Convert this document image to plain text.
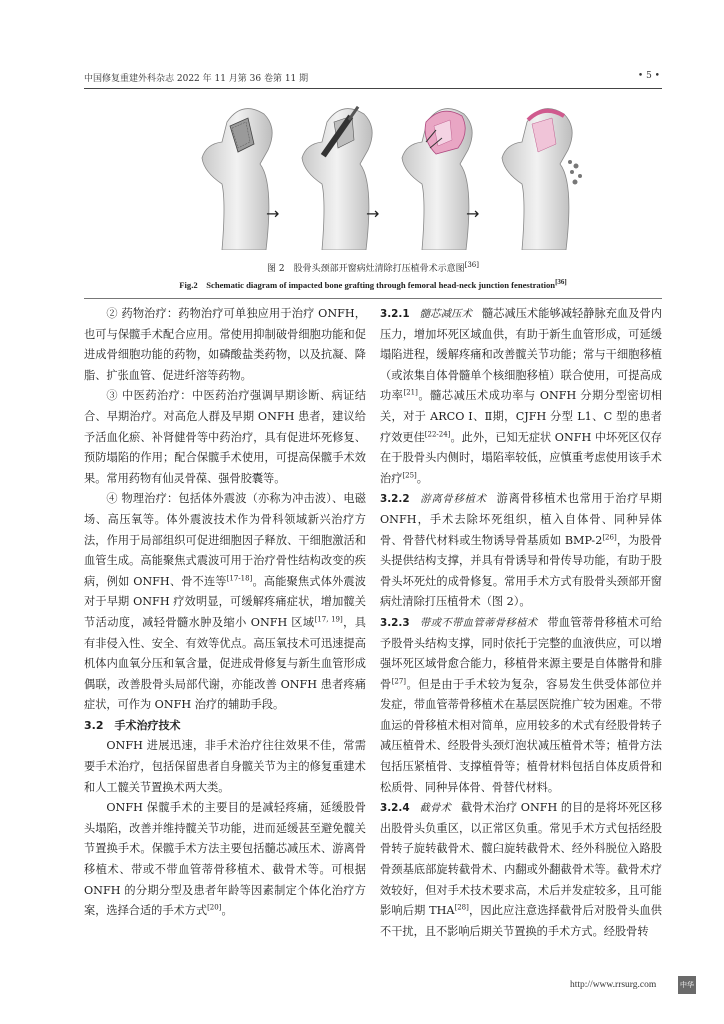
中国修复重建外科杂志 2022 年 11 月第 36 卷第 11 期	• 5 •
→	→	→
图 2　股骨头颈部开窗病灶清除打压植骨术示意图[36]
Fig.2　Schematic diagram of impacted bone grafting through femoral head-neck junction fenestration[36]

② 药物治疗：药物治疗可单独应用于治疗 ONFH，也可与保髋手术配合应用。常使用抑制破骨细胞功能和促进成骨细胞功能的药物，如磷酸盐类药物，以及抗凝、降脂、扩张血管、促进纤溶等药物。

③ 中医药治疗：中医药治疗强调早期诊断、病证结合、早期治疗。对高危人群及早期 ONFH 患者，建议给予活血化瘀、补肾健骨等中药治疗，具有促进坏死修复、预防塌陷的作用；配合保髋手术使用，可提高保髋手术效果。常用药物有仙灵骨葆、强骨胶囊等。

④ 物理治疗：包括体外震波（亦称为冲击波）、电磁场、高压氧等。体外震波技术作为骨科领域新兴治疗方法，作用于局部组织可促进细胞因子释放、干细胞激活和血管生成。高能聚焦式震波可用于治疗骨性结构改变的疾病，例如 ONFH、骨不连等[17-18]。高能聚焦式体外震波对于早期 ONFH 疗效明显，可缓解疼痛症状，增加髋关节活动度，减轻骨髓水肿及缩小 ONFH 区域[17, 19]，具有非侵入性、安全、有效等优点。高压氧技术可迅速提高机体内血氧分压和氧含量，促进成骨修复与新生血管形成偶联，改善股骨头局部代谢，亦能改善 ONFH 患者疼痛症状，可作为 ONFH 治疗的辅助手段。

3.2　手术治疗技术

ONFH 进展迅速，非手术治疗往往效果不佳，常需要手术治疗，包括保留患者自身髋关节为主的修复重建术和人工髋关节置换术两大类。

ONFH 保髋手术的主要目的是减轻疼痛，延缓股骨头塌陷，改善并维持髋关节功能，进而延缓甚至避免髋关节置换手术。保髋手术方法主要包括髓芯减压术、游离骨移植术、带或不带血管蒂骨移植术、截骨术等。可根据 ONFH 的分期分型及患者年龄等因素制定个体化治疗方案，选择合适的手术方式[20]。

3.2.1 髓芯减压术 髓芯减压术能够减轻静脉充血及骨内压力，增加坏死区域血供，有助于新生血管形成，可延缓塌陷进程，缓解疼痛和改善髋关节功能；常与干细胞移植（或浓集自体骨髓单个核细胞移植）联合使用，可提高成功率[21]。髓芯减压术成功率与 ONFH 分期分型密切相关，对于 ARCO Ⅰ、Ⅱ期，CJFH 分型 L1、C 型的患者疗效更佳[22-24]。此外，已知无症状 ONFH 中坏死区仅存在于股骨头内侧时，塌陷率较低，应慎重考虑使用该手术治疗[25]。

3.2.2 游离骨移植术 游离骨移植术也常用于治疗早期 ONFH，手术去除坏死组织，植入自体骨、同种异体骨、骨替代材料或生物诱导骨基质如 BMP-2[26]，为股骨头提供结构支撑，并具有骨诱导和骨传导功能，有助于股骨头坏死灶的成骨修复。常用手术方式有股骨头颈部开窗病灶清除打压植骨术（图 2）。

3.2.3 带或不带血管蒂骨移植术 带血管蒂骨移植术可给予股骨头结构支撑，同时依托于完整的血液供应，可以增强坏死区域骨愈合能力，移植骨来源主要是自体髂骨和腓骨[27]。但是由于手术较为复杂，容易发生供受体部位并发症，带血管蒂骨移植术在基层医院推广较为困难。不带血运的骨移植术相对简单，应用较多的术式有经股骨转子减压植骨术、经股骨头颈灯泡状减压植骨术等；植骨方法包括压紧植骨、支撑植骨等；植骨材料包括自体皮质骨和松质骨、同种异体骨、骨替代材料。

3.2.4 截骨术 截骨术治疗 ONFH 的目的是将坏死区移出股骨头负重区，以正常区负重。常见手术方式包括经股骨转子旋转截骨术、髋臼旋转截骨术、经外科脱位入路股骨颈基底部旋转截骨术、内翻或外翻截骨术等。截骨术疗效较好，但对手术技术要求高，术后并发症较多，且可能影响后期 THA[28]，因此应注意选择截骨后对股骨头血供不干扰，且不影响后期关节置换的手术方式。经股骨转

http://www.rrsurg.com	中华
